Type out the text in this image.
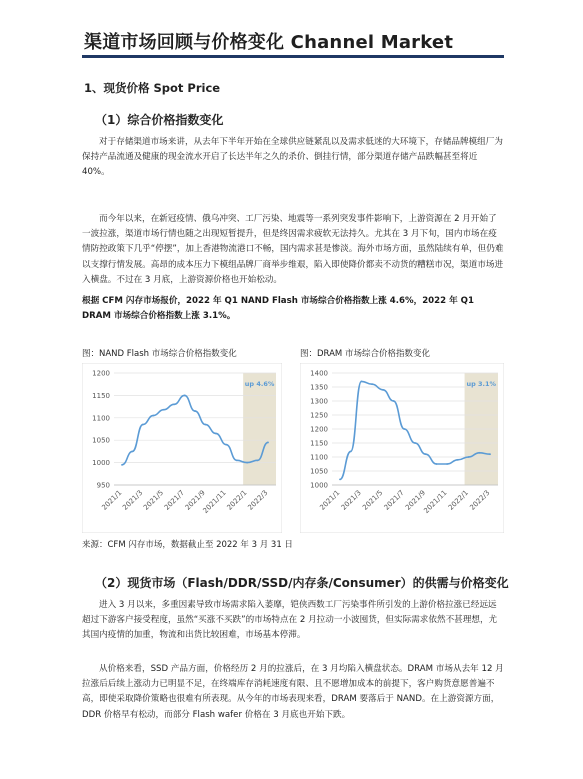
渠道市场回顾与价格变化 Channel Market
1、现货价格 Spot Price
（1）综合价格指数变化

对于存储渠道市场来讲，从去年下半年开始在全球供应链紧乱以及需求低迷的大环境下，存储品牌模组厂为保持产品流通及健康的现金流水开启了长达半年之久的杀价、倒挂行情，部分渠道存储产品跌幅甚至将近 40%。

而今年以来，在新冠疫情、俄乌冲突、工厂污染、地震等一系列突发事件影响下，上游资源在 2 月开始了一波拉涨，渠道市场行情也随之出现短暂提升，但是终因需求疲软无法持久。尤其在 3 月下旬，国内市场在疫情防控政策下几乎“停摆”，加上香港物流港口不畅，国内需求甚是惨淡。海外市场方面，虽然陆续有单，但仍难以支撑行情发展。高昂的成本压力下模组品牌厂商举步维艰，陷入即使降价都卖不动货的糟糕市况，渠道市场进入横盘。不过在 3 月底，上游资源价格也开始松动。

根据 CFM 闪存市场报价，2022 年 Q1 NAND Flash 市场综合价格指数上涨 4.6%，2022 年 Q1 DRAM 市场综合价格指数上涨 3.1%。
图：NAND Flash 市场综合价格指数变化	图：DRAM 市场综合价格指数变化
950
1000
1050
1100
1150
1200
2021/1
2021/3
2021/5
2021/7
2021/9
2021/11
2022/1
2022/3
up 4.6%
1000
1050
1100
1150
1200
1250
1300
1350
1400
2021/1
2021/3
2021/5
2021/7
2021/9
2021/11
2022/1
2022/3
up 3.1%
来源：CFM 闪存市场，数据截止至 2022 年 3 月 31 日
（2）现货市场（Flash/DDR/SSD/内存条/Consumer）的供需与价格变化

进入 3 月以来，多重因素导致市场需求陷入萎靡，铠侠西数工厂污染事件所引发的上游价格拉涨已经远远超过下游客户接受程度，虽然“买涨不买跌”的市场特点在 2 月拉动一小波囤货，但实际需求依然不甚理想，尤其国内疫情的加重，物流和出货比较困难，市场基本停滞。

从价格来看，SSD 产品方面，价格经历 2 月的拉涨后，在 3 月均陷入横盘状态。DRAM 市场从去年 12 月拉涨后后续上涨动力已明显不足，在终端库存消耗速度有限、且不愿增加成本的前提下，客户购货意愿普遍不高，即使采取降价策略也很难有所表现。从今年的市场表现来看，DRAM 要落后于 NAND。在上游资源方面，DDR 价格早有松动，而部分 Flash wafer 价格在 3 月底也开始下跌。
